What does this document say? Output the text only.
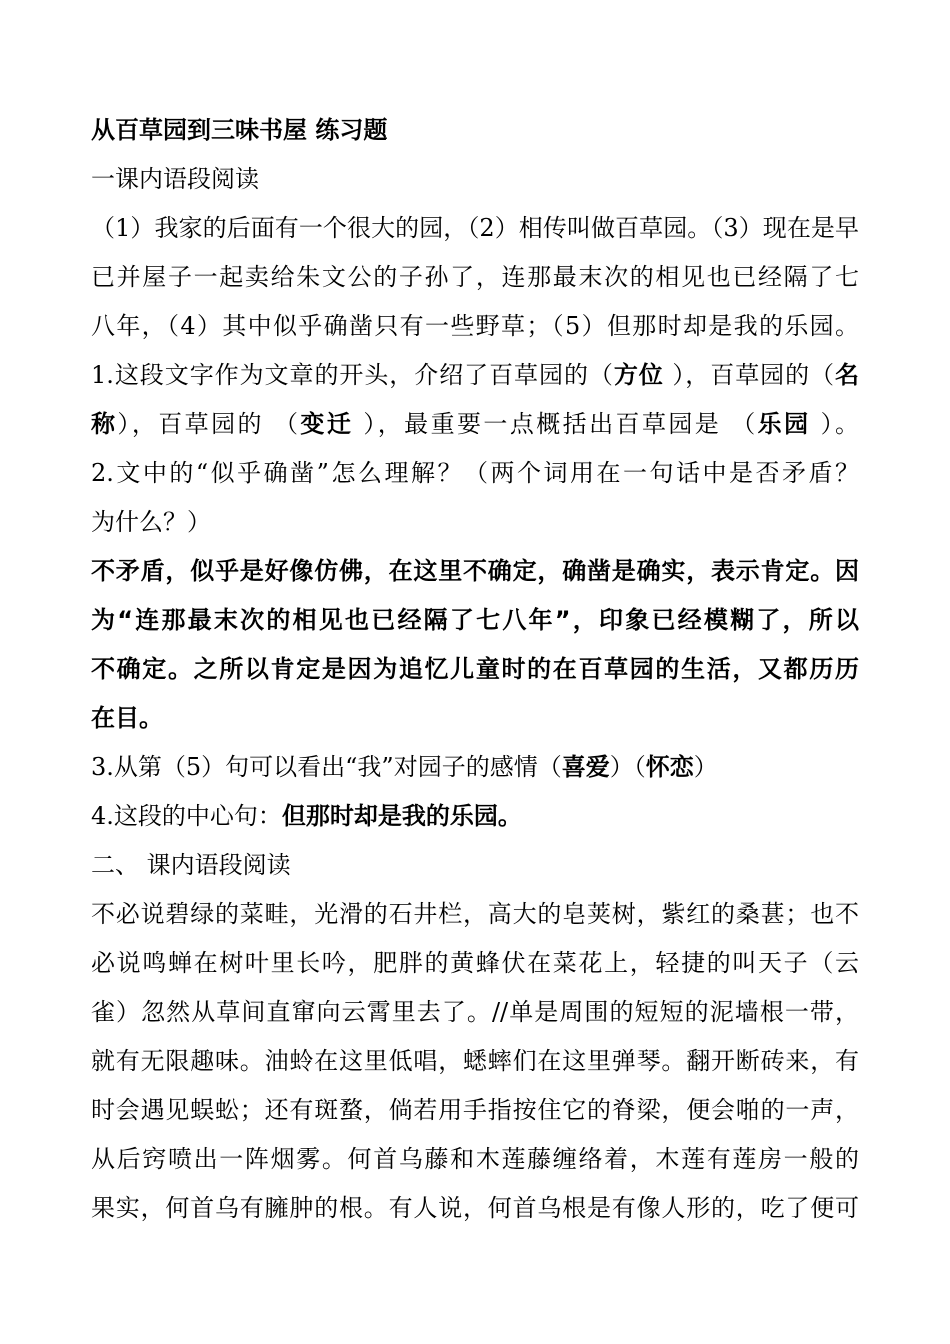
从百草园到三味书屋 练习题
一课内语段阅读
（1）我家的后面有一个很大的园，（2）相传叫做百草园。（3）现在是早
已并屋子一起卖给朱文公的子孙了，连那最末次的相见也已经隔了七
八年，（4）其中似乎确凿只有一些野草；（5）但那时却是我的乐园。
1.这段文字作为文章的开头，介绍了百草园的（方位 ），百草园的（名
称），百草园的 （变迁 ），最重要一点概括出百草园是 （乐园 ）。
2.文中的“似乎确凿”怎么理解？（两个词用在一句话中是否矛盾？
为什么？）
不矛盾，似乎是好像仿佛，在这里不确定，确凿是确实，表示肯定。因
为“连那最末次的相见也已经隔了七八年”，印象已经模糊了，所以
不确定。之所以肯定是因为追忆儿童时的在百草园的生活，又都历历
在目。
3.从第（5）句可以看出“我”对园子的感情（喜爱）（怀恋）
4.这段的中心句：但那时却是我的乐园。
二、 课内语段阅读
不必说碧绿的菜畦，光滑的石井栏，高大的皂荚树，紫红的桑葚；也不
必说鸣蝉在树叶里长吟，肥胖的黄蜂伏在菜花上，轻捷的叫天子（云
雀）忽然从草间直窜向云霄里去了。//单是周围的短短的泥墙根一带，
就有无限趣味。油蛉在这里低唱，蟋蟀们在这里弹琴。翻开断砖来，有
时会遇见蜈蚣；还有斑蝥，倘若用手指按住它的脊梁，便会啪的一声，
从后窍喷出一阵烟雾。何首乌藤和木莲藤缠络着，木莲有莲房一般的
果实，何首乌有臃肿的根。有人说，何首乌根是有像人形的，吃了便可
